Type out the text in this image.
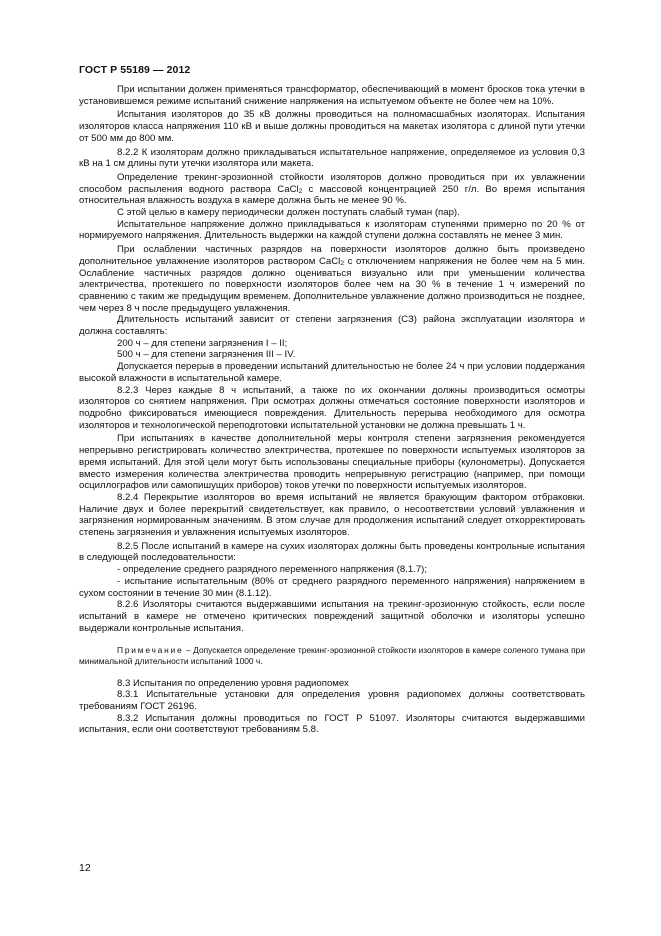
ГОСТ Р 55189 — 2012

При испытании должен применяться трансформатор, обеспечивающий в момент бросков тока утечки в установившемся режиме испытаний снижение напряжения на испытуемом объекте не более чем на 10%.

Испытания изоляторов до 35 кВ должны проводиться на полномасшабных изоляторах. Испытания изоляторов класса напряжения 110 кВ и выше должны проводиться на макетах изолятора с длиной пути утечки от 500 мм до 800 мм.

8.2.2 К изоляторам должно прикладываться испытательное напряжение, определяемое из условия 0,3 кВ на 1 см длины пути утечки изолятора или макета.

Определение трекинг-эрозионной стойкости изоляторов должно проводиться при их увлажнении способом распыления водного раствора CaCl$_2$ с массовой концентрацией 250 г/л. Во время испытания относительная влажность воздуха в камере должна быть не менее 90 %.

С этой целью в камеру периодически должен поступать слабый туман (пар).

Испытательное напряжение должно прикладываться к изоляторам ступенями примерно по 20 % от нормируемого напряжения. Длительность выдержки на каждой ступени должна составлять не менее 3 мин.

При ослаблении частичных разрядов на поверхности изоляторов должно быть произведено дополнительное увлажнение изоляторов раствором CaCl$_2$ с отключением напряжения не более чем на 5 мин. Ослабление частичных разрядов должно оцениваться визуально или при уменьшении количества электричества, протекшего по поверхности изоляторов более чем на 30 % в течение 1 ч измерений по сравнению с таким же предыдущим временем. Дополнительное увлажнение должно производиться не позднее, чем через 8 ч после предыдущего увлажнения.

Длительность испытаний зависит от степени загрязнения (СЗ) района эксплуатации изолятора и должна составлять:

200 ч – для степени загрязнения I – II;

500 ч – для степени загрязнения III – IV.

Допускается перерыв в проведении испытаний длительностью не более 24 ч при условии поддержания высокой влажности в испытательной камере.

8.2.3 Через каждые 8 ч испытаний, а также по их окончании должны производиться осмотры изоляторов со снятием напряжения. При осмотрах должны отмечаться состояние поверхности изоляторов и подробно фиксироваться имеющиеся повреждения. Длительность перерыва необходимого для осмотра изоляторов и технологической переподготовки испытательной установки не должна превышать 1 ч.

При испытаниях в качестве дополнительной меры контроля степени загрязнения рекомендуется непрерывно регистрировать количество электричества, протекшее по поверхности испытуемых изоляторов за время испытаний. Для этой цели могут быть использованы специальные приборы (кулонометры). Допускается вместо измерения количества электричества проводить непрерывную регистрацию (например, при помощи осциллографов или самопишущих приборов) токов утечки по поверхности испытуемых изоляторов.

8.2.4 Перекрытие изоляторов во время испытаний не является бракующим фактором отбраковки. Наличие двух и более перекрытий свидетельствует, как правило, о несоответствии условий увлажнения и загрязнения нормированным значениям. В этом случае для продолжения испытаний следует откорректировать степень загрязнения и увлажнения испытуемых изоляторов.

8.2.5 После испытаний в камере на сухих изоляторах должны быть проведены контрольные испытания в следующей последовательности:

- определение среднего разрядного переменного напряжения (8.1.7);

- испытание испытательным (80% от среднего разрядного переменного напряжения) напряжением в сухом состоянии в течение 30 мин (8.1.12).

8.2.6 Изоляторы считаются выдержавшими испытания на трекинг-эрозионную стойкость, если после испытаний в камере не отмечено критических повреждений защитной оболочки и изоляторы успешно выдержали контрольные испытания.

Примечание – Допускается определение трекинг-эрозионной стойкости изоляторов в камере соленого тумана при минимальной длительности испытаний 1000 ч.

8.3 Испытания по определению уровня радиопомех

8.3.1 Испытательные установки для определения уровня радиопомех должны соответствовать требованиям ГОСТ 26196.

8.3.2 Испытания должны проводиться по ГОСТ Р 51097. Изоляторы считаются выдержавшими испытания, если они соответствуют требованиям 5.8.

12
